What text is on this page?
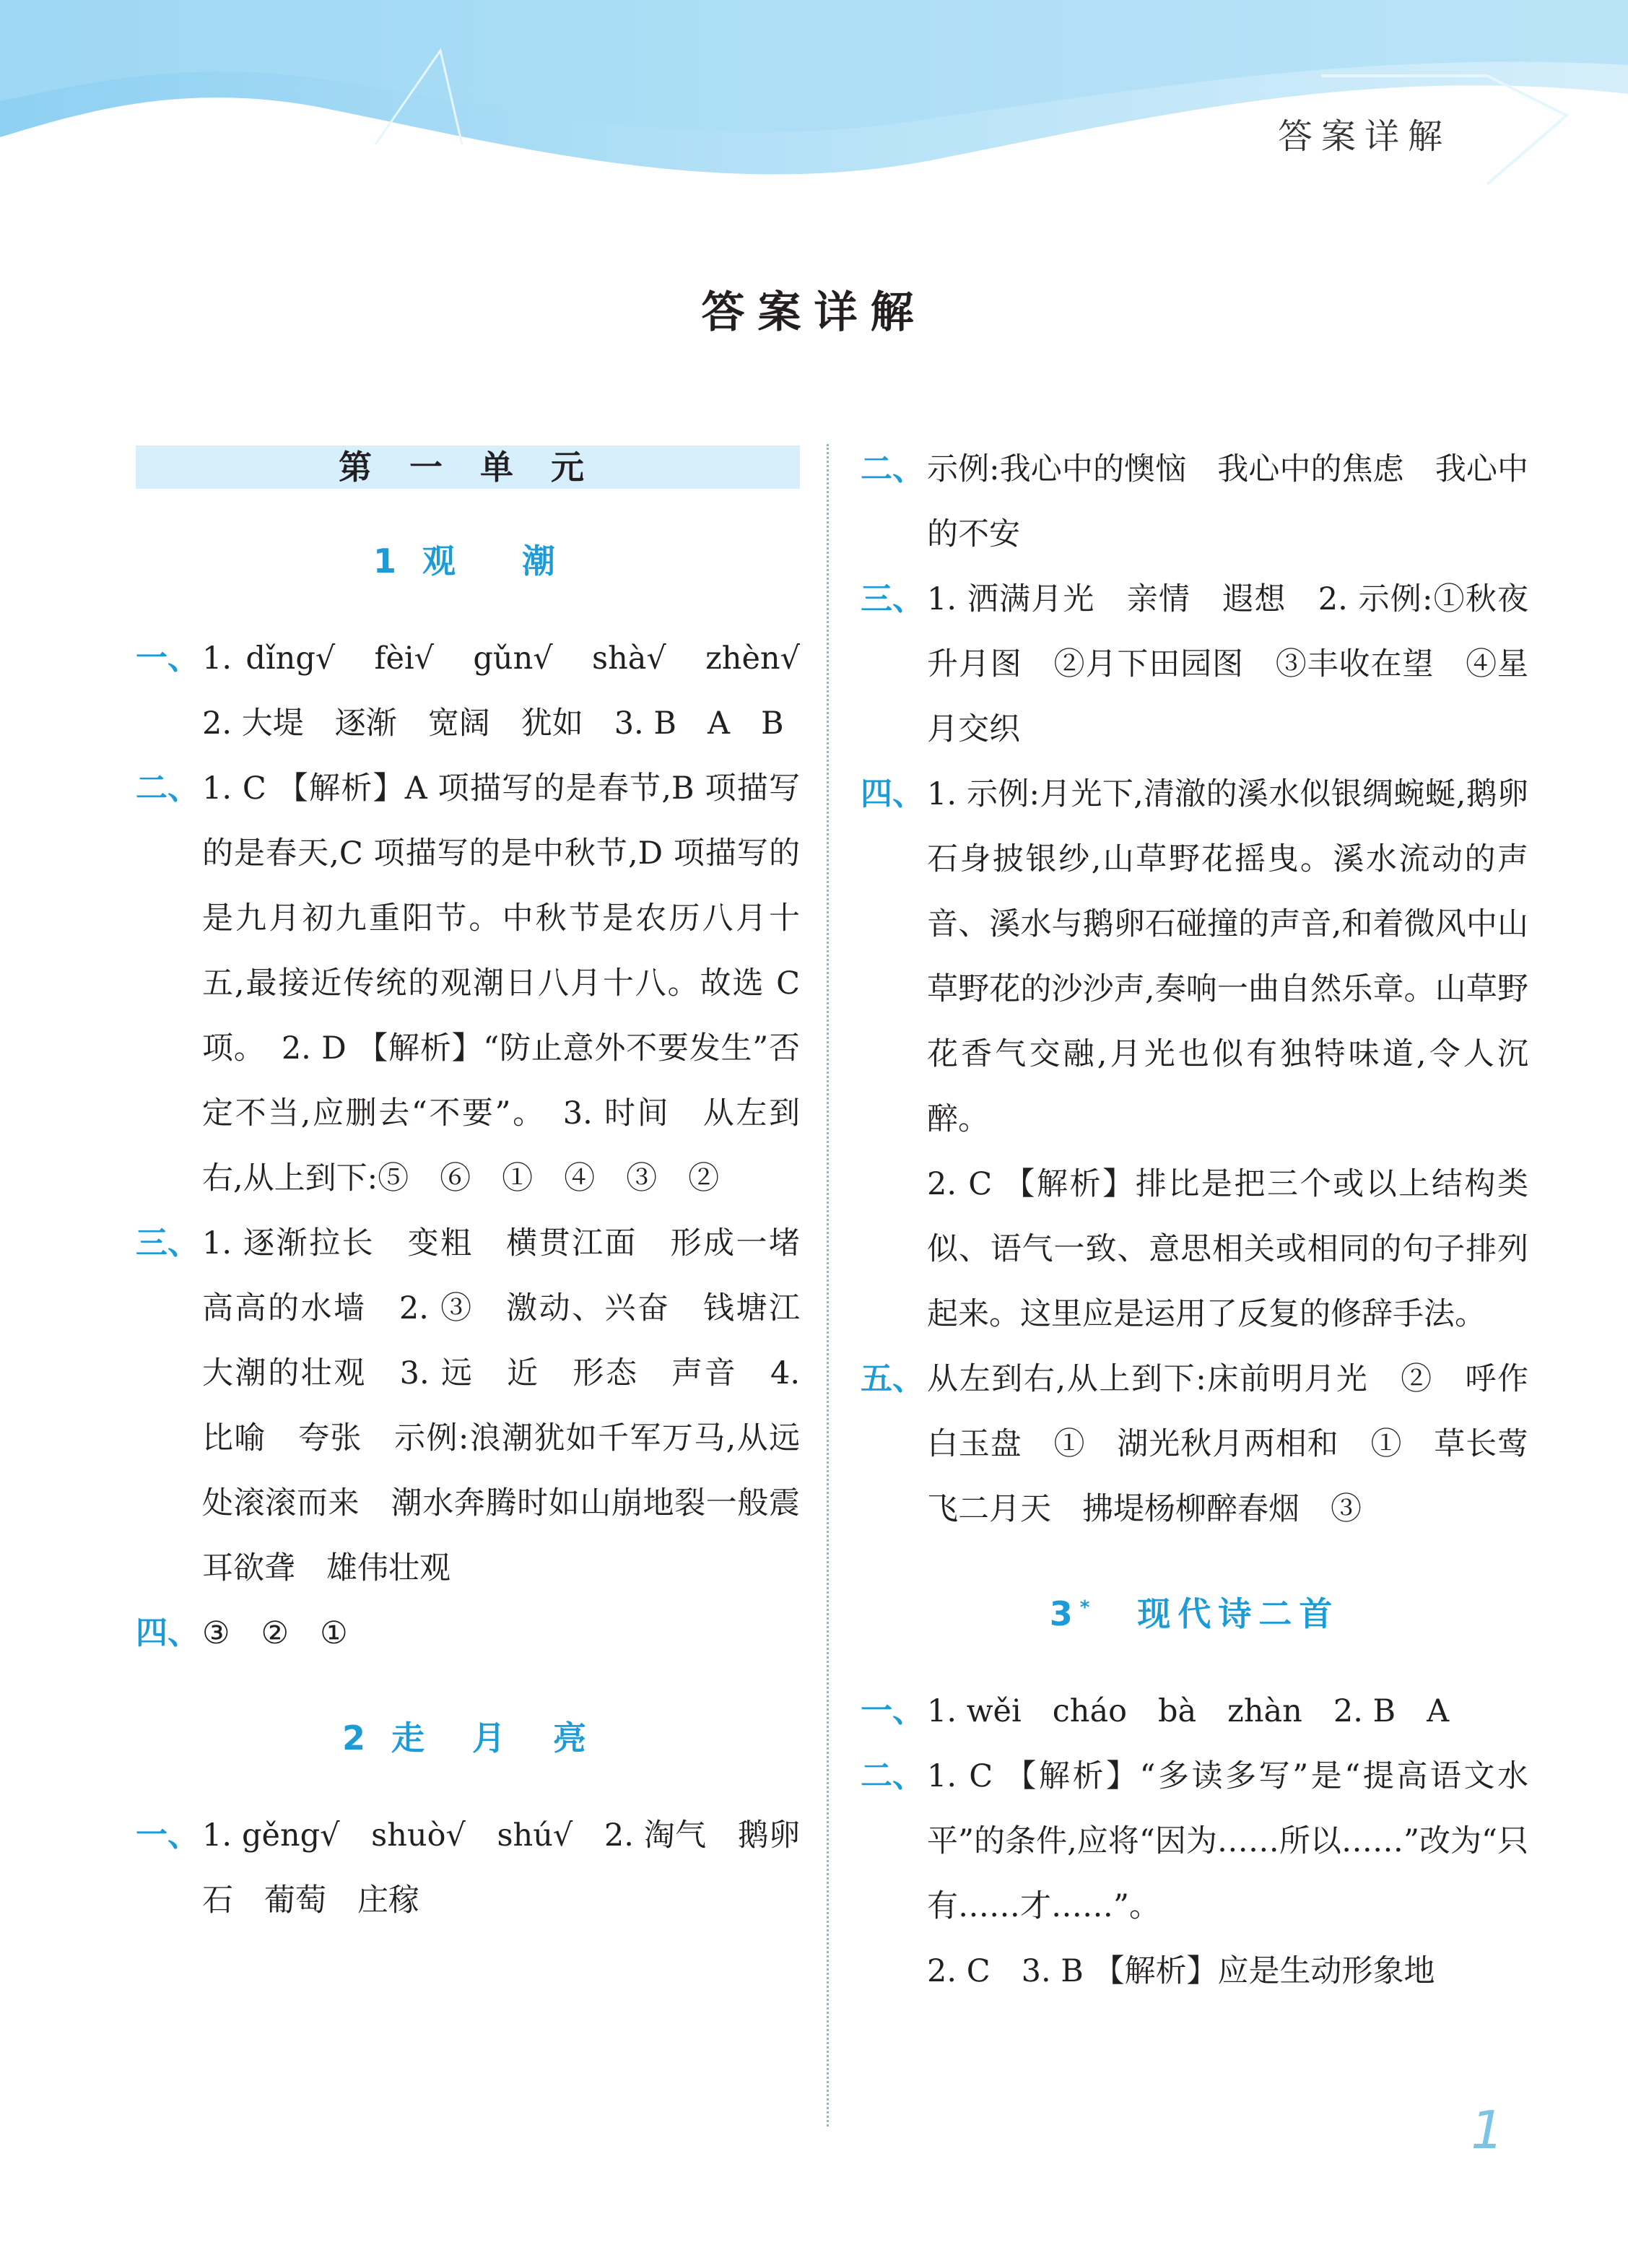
答案详解
答案详解
第 一 单 元
1 观　 潮
一、 1. dǐng√　fèi√　gǔn√　shà√　zhèn√　2. 大堤　逐渐　宽阔　犹如　3. B　A　B
二、 1. C 【解析】A 项描写的是春节,B 项描写的是春天,C 项描写的是中秋节,D 项描写的是九月初九重阳节。中秋节是农历八月十五,最接近传统的观潮日八月十八。故选 C 项。　2. D 【解析】“防止意外不要发生”否定不当,应删去“不要”。　3. 时间　从左到右,从上到下:⑤　⑥　①　④　③　②
三、 1. 逐渐拉长　变粗　横贯江面　形成一堵高高的水墙　2. ③　激动、兴奋　钱塘江大潮的壮观　3. 远　近　形态　声音　4. 比喻　夸张　示例:浪潮犹如千军万马,从远处滚滚而来　潮水奔腾时如山崩地裂一般震耳欲聋　雄伟壮观
四、 ③　②　①
2 走　月　亮
一、 1. gěng√　shuò√　shú√　2. 淘气　鹅卵石　葡萄　庄稼
二、 示例:我心中的懊恼　我心中的焦虑　我心中的不安
三、 1. 洒满月光　亲情　遐想　2. 示例:①秋夜升月图　②月下田园图　③丰收在望　④星月交织
四、 1. 示例:月光下,清澈的溪水似银绸蜿蜒,鹅卵石身披银纱,山草野花摇曳。溪水流动的声音、溪水与鹅卵石碰撞的声音,和着微风中山草野花的沙沙声,奏响一曲自然乐章。山草野花香气交融,月光也似有独特味道,令人沉醉。
2. C 【解析】排比是把三个或以上结构类似、语气一致、意思相关或相同的句子排列起来。这里应是运用了反复的修辞手法。
五、 从左到右,从上到下:床前明月光　②　呼作白玉盘　①　湖光秋月两相和　①　草长莺飞二月天　拂堤杨柳醉春烟　③
3*　 现代诗二首
一、 1. wěi　cháo　bà　zhàn　2. B　A
二、 1. C 【解析】“多读多写”是“提高语文水平”的条件,应将“因为……所以……”改为“只有……才……”。
2. C　3. B 【解析】应是生动形象地
1
